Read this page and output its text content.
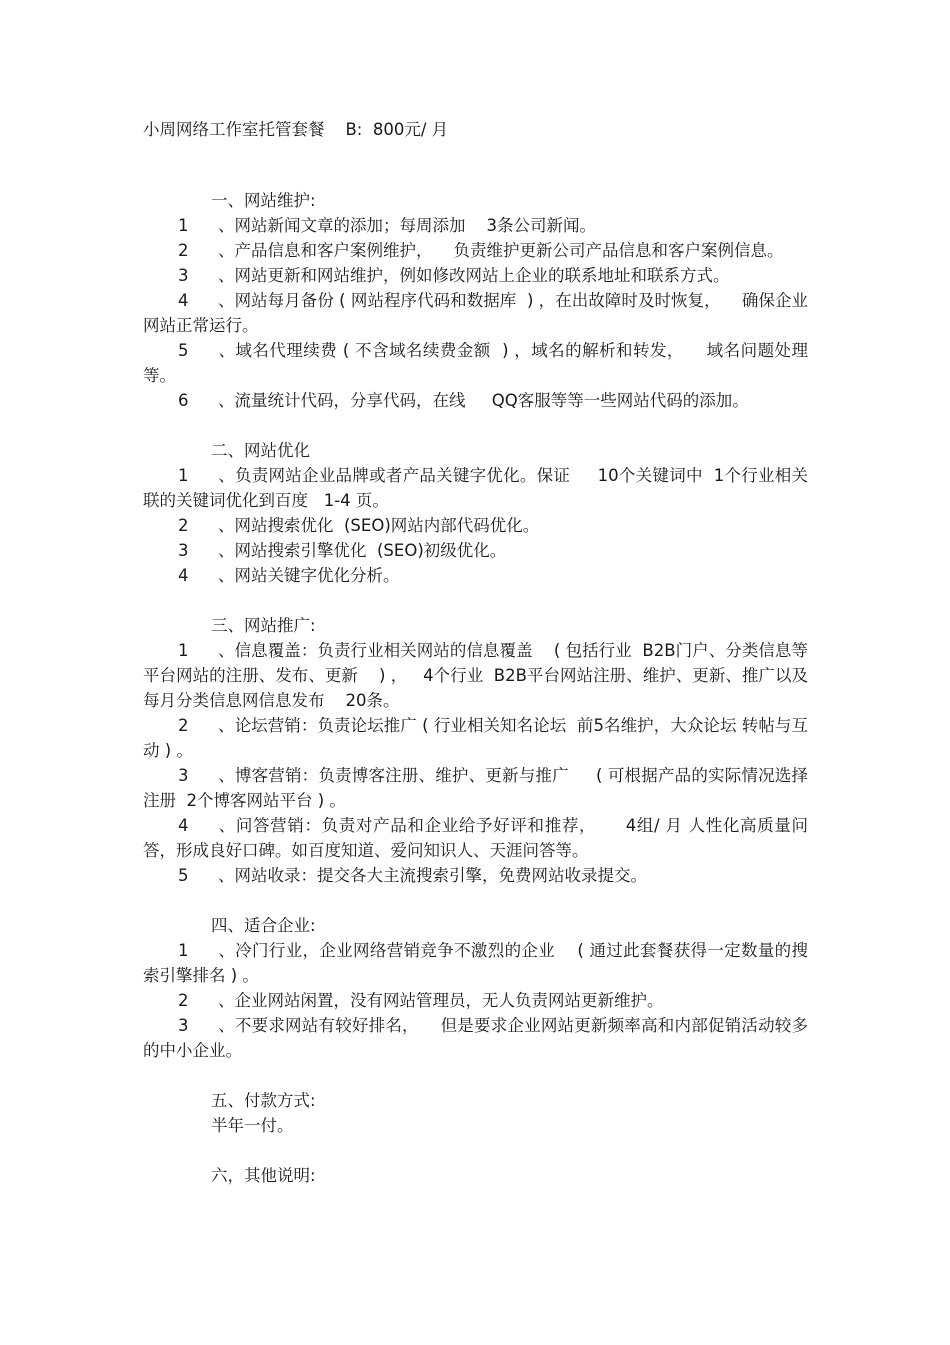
小周网络工作室托管套餐    B:  800元/ 月
一、网站维护:
1 、网站新闻文章的添加；每周添加    3条公司新闻。
2 、产品信息和客户案例维护，    负责维护更新公司产品信息和客户案例信息。
3 、网站更新和网站维护，例如修改网站上企业的联系地址和联系方式。
4 、网站每月备份 ( 网站程序代码和数据库  ) ，在出故障时及时恢复，    确保企业网站正常运行。
5 、域名代理续费 ( 不含域名续费金额  ) ，域名的解析和转发，    域名问题处理等。
6 、流量统计代码，分享代码，在线     QQ客服等等一些网站代码的添加。
二、网站优化
1 、负责网站企业品牌或者产品关键字优化。保证     10个关键词中  1个行业相关联的关键词优化到百度   1-4 页。
2 、网站搜索优化  (SEO)网站内部代码优化。
3 、网站搜索引擎优化  (SEO)初级优化。
4 、网站关键字优化分析。
三、网站推广:
1 、信息覆盖：负责行业相关网站的信息覆盖    ( 包括行业  B2B门户、分类信息等平台网站的注册、发布、更新    ) ，   4个行业  B2B平台网站注册、维护、更新、推广以及每月分类信息网信息发布    20条。
2 、论坛营销：负责论坛推广 ( 行业相关知名论坛  前5名维护，大众论坛 转帖与互动 ) 。
3 、博客营销：负责博客注册、维护、更新与推广     ( 可根据产品的实际情况选择注册  2个博客网站平台 ) 。
4 、问答营销：负责对产品和企业给予好评和推荐，     4组/ 月 人性化高质量问答，形成良好口碑。如百度知道、爱问知识人、天涯问答等。
5 、网站收录：提交各大主流搜索引擎，免费网站收录提交。
四、适合企业:
1 、冷门行业，企业网络营销竞争不激烈的企业    ( 通过此套餐获得一定数量的搜索引擎排名 ) 。
2 、企业网站闲置，没有网站管理员，无人负责网站更新维护。
3 、不要求网站有较好排名，    但是要求企业网站更新频率高和内部促销活动较多的中小企业。
五、付款方式:
半年一付。
六，其他说明:
